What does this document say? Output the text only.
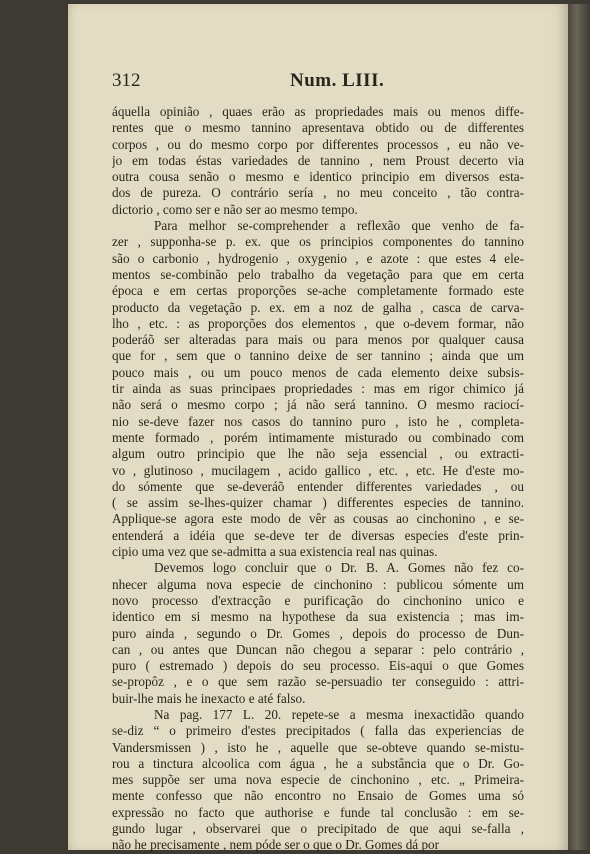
312	Num. LIII.
áquella opinião , quaes erão as propriedades mais ou menos diffe-
rentes que o mesmo tannino apresentava obtido ou de differentes
corpos , ou do mesmo corpo por differentes processos , eu não ve-
jo em todas éstas variedades de tannino , nem Proust decerto via
outra cousa senão o mesmo e identico principio em diversos esta-
dos de pureza. O contrário sería , no meu conceito , tão contra-
dictorio , como ser e não ser ao mesmo tempo.
Para melhor se-comprehender a reflexão que venho de fa-
zer , supponha-se p. ex. que os principios componentes do tannino
são o carbonio , hydrogenio , oxygenio , e azote : que estes 4 ele-
mentos se-combinão pelo trabalho da vegetação para que em certa
época e em certas proporções se-ache completamente formado este
producto da vegetação p. ex. em a noz de galha , casca de carva-
lho , etc. : as proporções dos elementos , que o-devem formar, não
poderáõ ser alteradas para mais ou para menos por qualquer causa
que for , sem que o tannino deixe de ser tannino ; ainda que um
pouco mais , ou um pouco menos de cada elemento deixe subsis-
tir ainda as suas principaes propriedades : mas em rigor chimico já
não será o mesmo corpo ; já não será tannino. O mesmo raciocí-
nio se-deve fazer nos casos do tannino puro , isto he , completa-
mente formado , porém intimamente misturado ou combinado com
algum outro principio que lhe não seja essencial , ou extracti-
vo , glutinoso , mucilagem , acido gallico , etc. , etc. He d'este mo-
do sómente que se-deveráõ entender differentes variedades , ou
( se assim se-lhes-quizer chamar ) differentes especies de tannino.
Applique-se agora este modo de vêr as cousas ao cinchonino , e se-
entenderá a idéia que se-deve ter de diversas especies d'este prin-
cipio uma vez que se-admitta a sua existencia real nas quinas.
Devemos logo concluir que o Dr. B. A. Gomes não fez co-
nhecer alguma nova especie de cinchonino : publicou sómente um
novo processo d'extracção e purificação do cinchonino unico e
identico em si mesmo na hypothese da sua existencia ; mas im-
puro ainda , segundo o Dr. Gomes , depois do processo de Dun-
can , ou antes que Duncan não chegou a separar : pelo contrário ,
puro ( estremado ) depois do seu processo. Eis-aqui o que Gomes
se-propôz , e o que sem razão se-persuadio ter conseguido : attri-
buir-lhe mais he inexacto e até falso.
Na pag. 177 L. 20. repete-se a mesma inexactidão quando
se-diz “ o primeiro d'estes precipitados ( falla das experiencias de
Vandersmissen ) , isto he , aquelle que se-obteve quando se-mistu-
rou a tinctura alcoolica com água , he a substância que o Dr. Go-
mes suppõe ser uma nova especie de cinchonino , etc. „ Primeira-
mente confesso que não encontro no Ensaio de Gomes uma só
expressão no facto que authorise e funde tal conclusão : em se-
gundo lugar , observarei que o precipitado de que aqui se-falla ,
não he precisamente , nem póde ser o que o Dr. Gomes dá por
